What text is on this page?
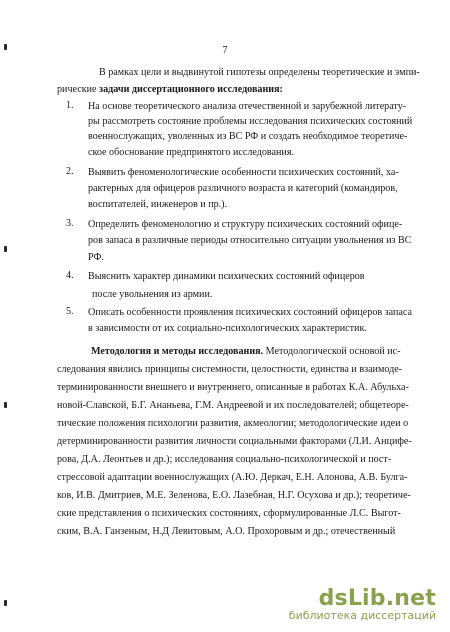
7
В рамках цели и выдвинутой гипотезы определены теоретические и эмпи-
рические задачи диссертационного исследования:
1. На основе теоретического анализа отечественной и зарубежной литерату-
ры рассмотреть состояние проблемы исследования психических состояний
военнослужащих, уволенных из ВС РФ и создать необходимое теоретиче-
ское обоснование предпринятого исследования.
2. Выявить феноменологические особенности психических состояний, ха-
рактерных для офицеров различного возраста и категорий (командиров,
воспитателей, инженеров и пр.).
3. Определить феноменологию и структуру психических состояний офице-
ров запаса в различные периоды относительно ситуации увольнения из ВС
РФ.
4. Выяснить характер динамики психических состояний офицеров
после увольнения из армии.
5. Описать особенности проявления психических состояний офицеров запаса
в зависимости от их социально-психологических характеристик.
Методология и методы исследования. Методологической основой ис-
следования явились принципы системности, целостности, единства и взаимоде-
терминированности внешнего и внутреннего, описанные в работах К.А. Абульха-
новой-Славской, Б.Г. Ананьева, Г.М. Андреевой и их последователей; общетеоре-
тические положения психологии развития, акмеологии; методологические идеи о
детерминированности развития личности социальными факторами (Л.И. Анцифе-
рова, Д.А. Леонтьев и др.); исследования социально-психологической и пост-
стрессовой адаптации военнослужащих (А.Ю. Деркач, Е.Н. Алонова, А.В. Булга-
ков, И.В. Дмитриев, М.Е. Зеленова, Е.О. Лазебная, Н.Г. Осухова и др.); теоретиче-
ские представления о психических состояниях, сформулированные Л.С. Выгот-
ским, В.А. Ганзеным, Н.Д Левитовым, А.О. Прохоровым и др.; отечественный
dsLib.net
библиотека диссертаций
